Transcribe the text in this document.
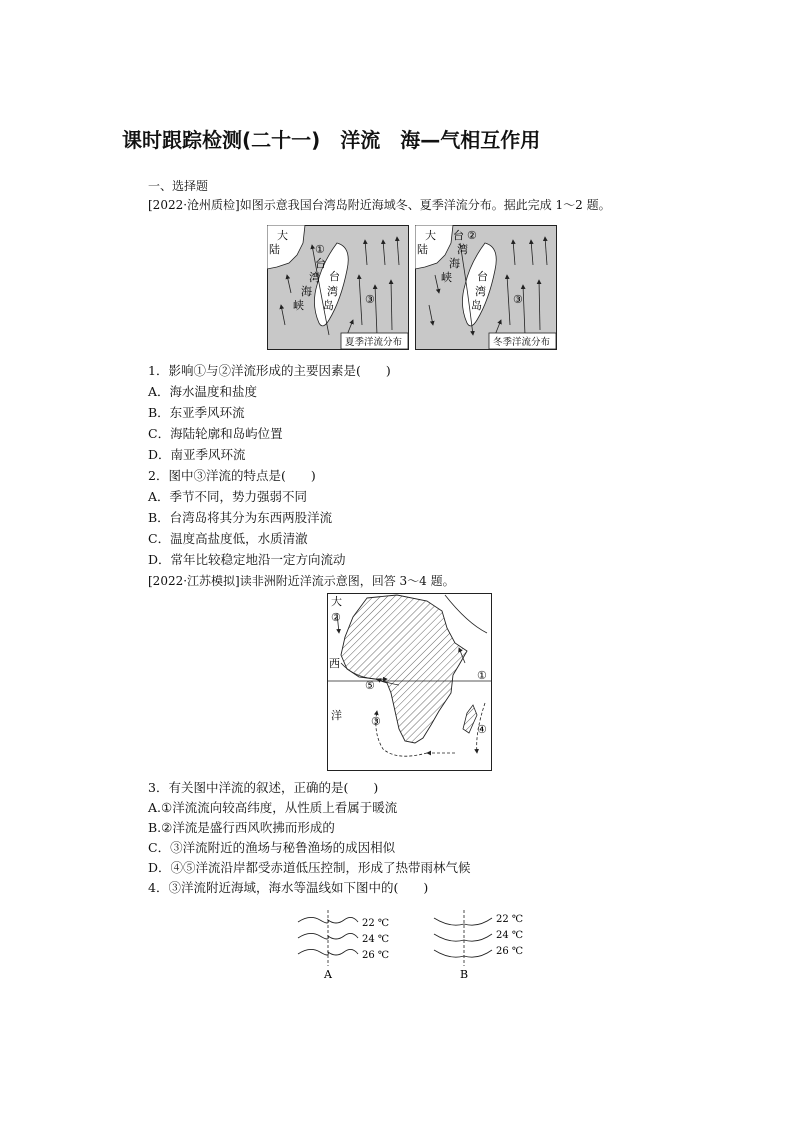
课时跟踪检测(二十一)　洋流　海—气相互作用
一、选择题
[2022·沧州质检]如图示意我国台湾岛附近海域冬、夏季洋流分布。据此完成 1～2 题。
大
陆	①
台
湾
海
峡
台
湾
岛	③
夏季洋流分布
大
陆
台 ②
湾
海
峡 台
湾
岛	③
冬季洋流分布
1．影响①与②洋流形成的主要因素是(　　)
A．海水温度和盐度
B．东亚季风环流
C．海陆轮廓和岛屿位置
D．南亚季风环流
2．图中③洋流的特点是(　　)
A．季节不同，势力强弱不同
B．台湾岛将其分为东西两股洋流
C．温度高盐度低，水质清澈
D．常年比较稳定地沿一定方向流动
[2022·江苏模拟]读非洲附近洋流示意图，回答 3～4 题。
大
②
西
⑤
①
洋	③
④
3．有关图中洋流的叙述，正确的是(　　)
A.①洋流流向较高纬度，从性质上看属于暖流
B.②洋流是盛行西风吹拂而形成的
C．③洋流附近的渔场与秘鲁渔场的成因相似
D．④⑤洋流沿岸都受赤道低压控制，形成了热带雨林气候
4．③洋流附近海域，海水等温线如下图中的(　　)
22 ℃
24 ℃
26 ℃
A
22 ℃
24 ℃
26 ℃
B
